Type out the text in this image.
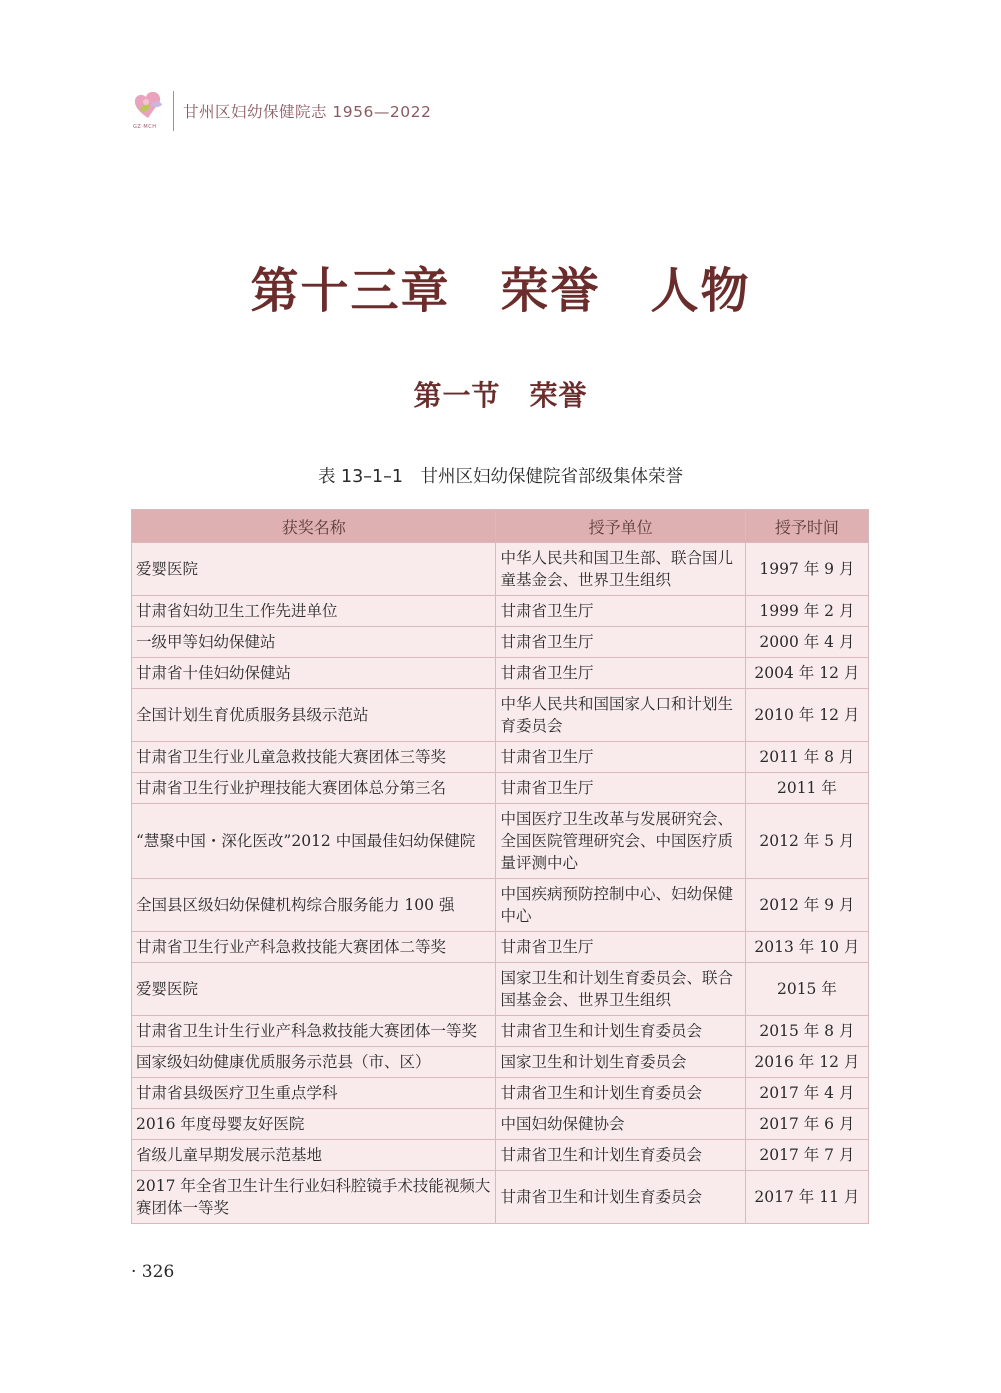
GZ·MCH
甘州区妇幼保健院志 1956—2022
第十三章　荣誉　人物
第一节　荣誉
表 13–1–1　甘州区妇幼保健院省部级集体荣誉
获奖名称	授予单位	授予时间
爱婴医院	中华人民共和国卫生部、联合国儿童基金会、世界卫生组织	1997 年 9 月
甘肃省妇幼卫生工作先进单位	甘肃省卫生厅	1999 年 2 月
一级甲等妇幼保健站	甘肃省卫生厅	2000 年 4 月
甘肃省十佳妇幼保健站	甘肃省卫生厅	2004 年 12 月
全国计划生育优质服务县级示范站	中华人民共和国国家人口和计划生育委员会	2010 年 12 月
甘肃省卫生行业儿童急救技能大赛团体三等奖	甘肃省卫生厅	2011 年 8 月
甘肃省卫生行业护理技能大赛团体总分第三名	甘肃省卫生厅	2011 年
“慧聚中国・深化医改”2012 中国最佳妇幼保健院	中国医疗卫生改革与发展研究会、全国医院管理研究会、中国医疗质量评测中心	2012 年 5 月
全国县区级妇幼保健机构综合服务能力 100 强	中国疾病预防控制中心、妇幼保健中心	2012 年 9 月
甘肃省卫生行业产科急救技能大赛团体二等奖	甘肃省卫生厅	2013 年 10 月
爱婴医院	国家卫生和计划生育委员会、联合国基金会、世界卫生组织	2015 年
甘肃省卫生计生行业产科急救技能大赛团体一等奖	甘肃省卫生和计划生育委员会	2015 年 8 月
国家级妇幼健康优质服务示范县（市、区）	国家卫生和计划生育委员会	2016 年 12 月
甘肃省县级医疗卫生重点学科	甘肃省卫生和计划生育委员会	2017 年 4 月
2016 年度母婴友好医院	中国妇幼保健协会	2017 年 6 月
省级儿童早期发展示范基地	甘肃省卫生和计划生育委员会	2017 年 7 月
2017 年全省卫生计生行业妇科腔镜手术技能视频大赛团体一等奖	甘肃省卫生和计划生育委员会	2017 年 11 月
· 326
